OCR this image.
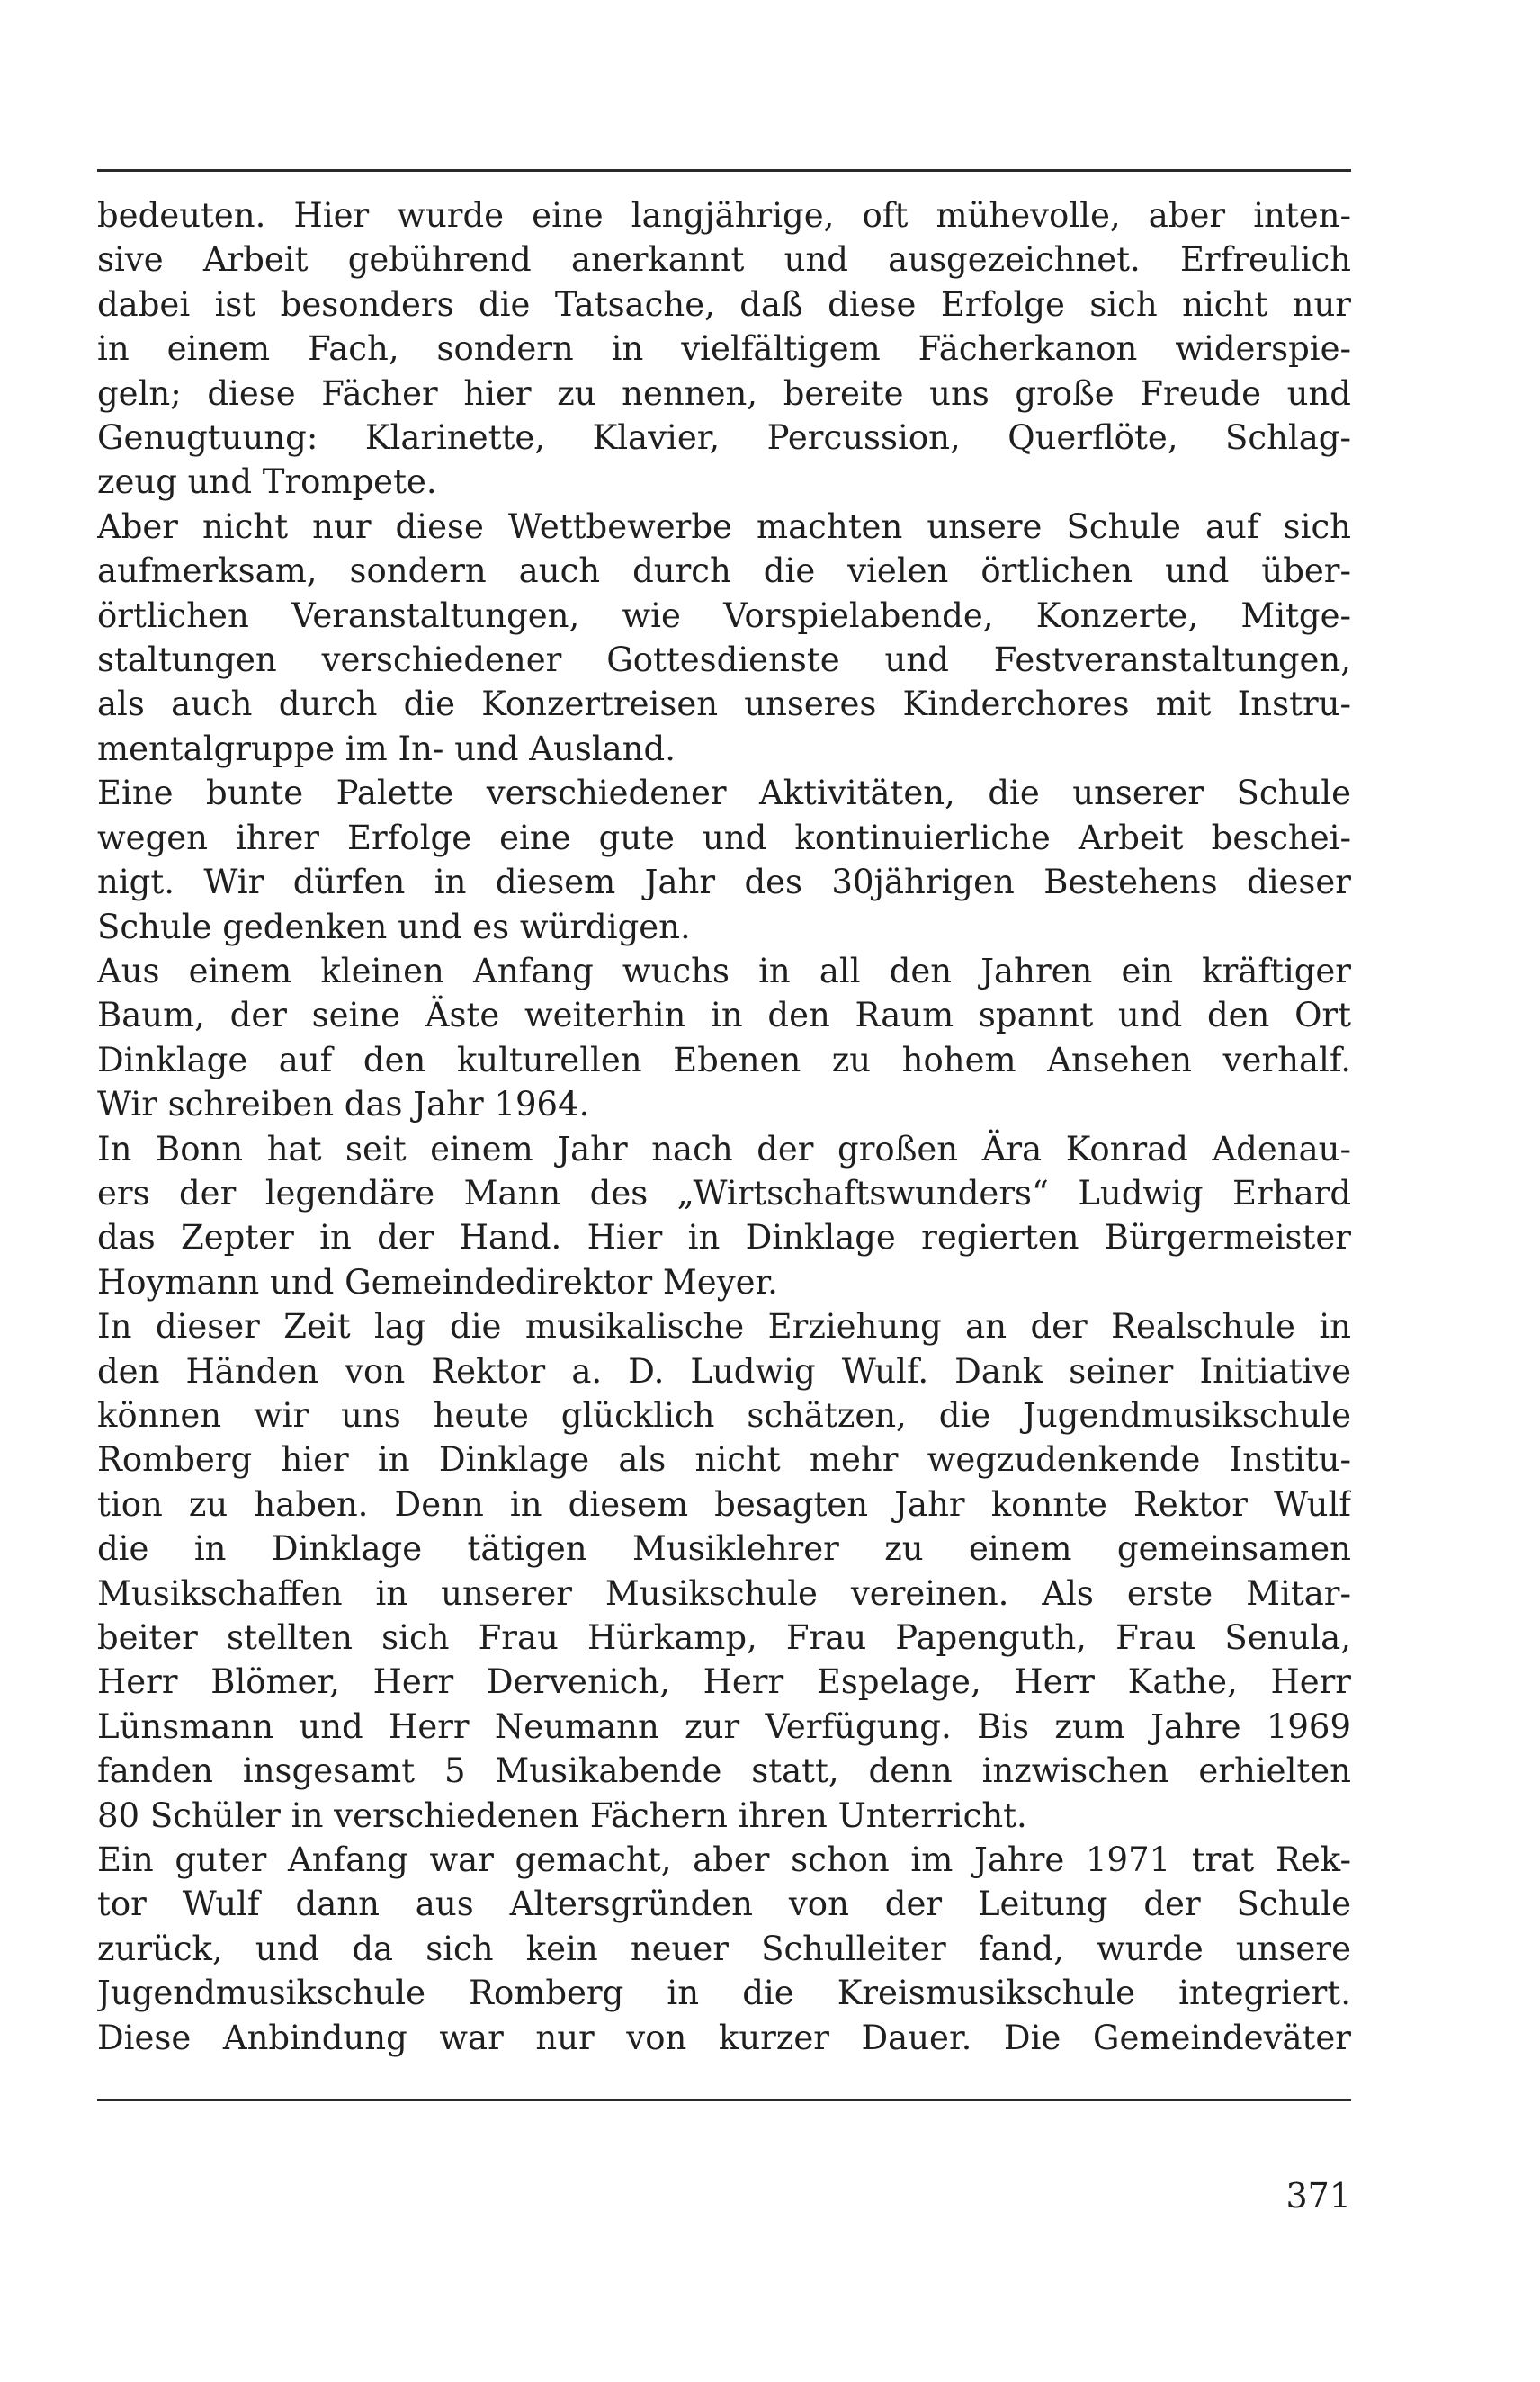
bedeuten. Hier wurde eine langjährige, oft mühevolle, aber inten-
sive Arbeit gebührend anerkannt und ausgezeichnet. Erfreulich
dabei ist besonders die Tatsache, daß diese Erfolge sich nicht nur
in einem Fach, sondern in vielfältigem Fächerkanon widerspie-
geln; diese Fächer hier zu nennen, bereite uns große Freude und
Genugtuung: Klarinette, Klavier, Percussion, Querflöte, Schlag-
zeug und Trompete.
Aber nicht nur diese Wettbewerbe machten unsere Schule auf sich
aufmerksam, sondern auch durch die vielen örtlichen und über-
örtlichen Veranstaltungen, wie Vorspielabende, Konzerte, Mitge-
staltungen verschiedener Gottesdienste und Festveranstaltungen,
als auch durch die Konzertreisen unseres Kinderchores mit Instru-
mentalgruppe im In- und Ausland.
Eine bunte Palette verschiedener Aktivitäten, die unserer Schule
wegen ihrer Erfolge eine gute und kontinuierliche Arbeit beschei-
nigt. Wir dürfen in diesem Jahr des 30jährigen Bestehens dieser
Schule gedenken und es würdigen.
Aus einem kleinen Anfang wuchs in all den Jahren ein kräftiger
Baum, der seine Äste weiterhin in den Raum spannt und den Ort
Dinklage auf den kulturellen Ebenen zu hohem Ansehen verhalf.
Wir schreiben das Jahr 1964.
In Bonn hat seit einem Jahr nach der großen Ära Konrad Adenau-
ers der legendäre Mann des „Wirtschaftswunders“ Ludwig Erhard
das Zepter in der Hand. Hier in Dinklage regierten Bürgermeister
Hoymann und Gemeindedirektor Meyer.
In dieser Zeit lag die musikalische Erziehung an der Realschule in
den Händen von Rektor a. D. Ludwig Wulf. Dank seiner Initiative
können wir uns heute glücklich schätzen, die Jugendmusikschule
Romberg hier in Dinklage als nicht mehr wegzudenkende Institu-
tion zu haben. Denn in diesem besagten Jahr konnte Rektor Wulf
die in Dinklage tätigen Musiklehrer zu einem gemeinsamen
Musikschaffen in unserer Musikschule vereinen. Als erste Mitar-
beiter stellten sich Frau Hürkamp, Frau Papenguth, Frau Senula,
Herr Blömer, Herr Dervenich, Herr Espelage, Herr Kathe, Herr
Lünsmann und Herr Neumann zur Verfügung. Bis zum Jahre 1969
fanden insgesamt 5 Musikabende statt, denn inzwischen erhielten
80 Schüler in verschiedenen Fächern ihren Unterricht.
Ein guter Anfang war gemacht, aber schon im Jahre 1971 trat Rek-
tor Wulf dann aus Altersgründen von der Leitung der Schule
zurück, und da sich kein neuer Schulleiter fand, wurde unsere
Jugendmusikschule Romberg in die Kreismusikschule integriert.
Diese Anbindung war nur von kurzer Dauer. Die Gemeindeväter
371
